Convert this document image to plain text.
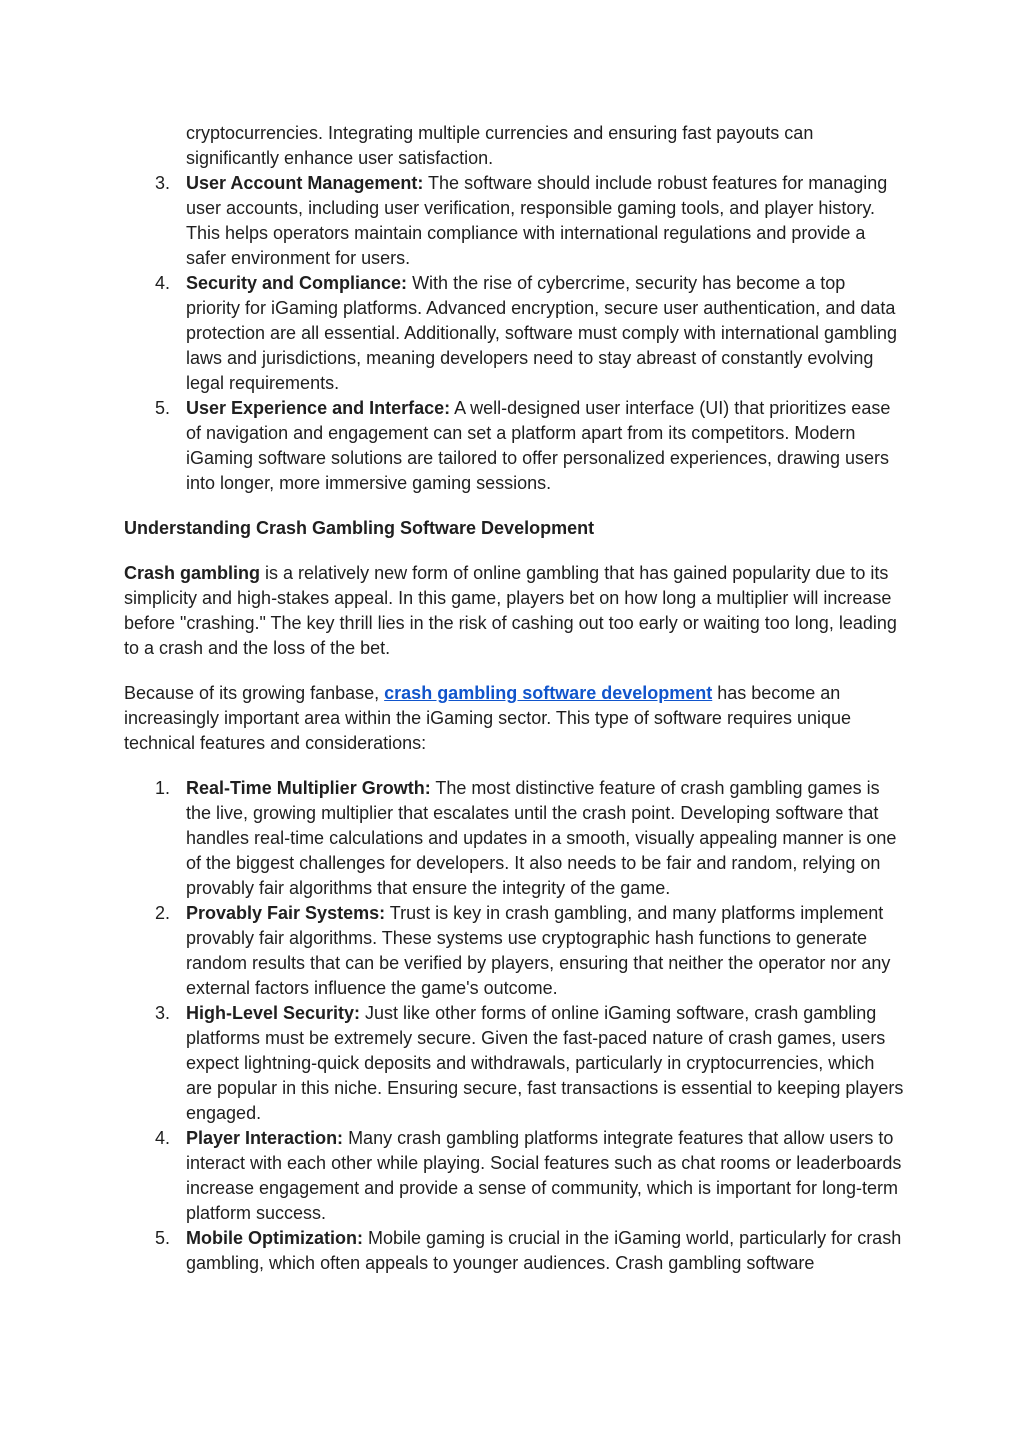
cryptocurrencies. Integrating multiple currencies and ensuring fast payouts can significantly enhance user satisfaction.

3. User Account Management: The software should include robust features for managing user accounts, including user verification, responsible gaming tools, and player history. This helps operators maintain compliance with international regulations and provide a safer environment for users.

4. Security and Compliance: With the rise of cybercrime, security has become a top priority for iGaming platforms. Advanced encryption, secure user authentication, and data protection are all essential. Additionally, software must comply with international gambling laws and jurisdictions, meaning developers need to stay abreast of constantly evolving legal requirements.

5. User Experience and Interface: A well-designed user interface (UI) that prioritizes ease of navigation and engagement can set a platform apart from its competitors. Modern iGaming software solutions are tailored to offer personalized experiences, drawing users into longer, more immersive gaming sessions.

Understanding Crash Gambling Software Development

Crash gambling is a relatively new form of online gambling that has gained popularity due to its simplicity and high-stakes appeal. In this game, players bet on how long a multiplier will increase before "crashing." The key thrill lies in the risk of cashing out too early or waiting too long, leading to a crash and the loss of the bet.

Because of its growing fanbase, crash gambling software development has become an increasingly important area within the iGaming sector. This type of software requires unique technical features and considerations:

1. Real-Time Multiplier Growth: The most distinctive feature of crash gambling games is the live, growing multiplier that escalates until the crash point. Developing software that handles real-time calculations and updates in a smooth, visually appealing manner is one of the biggest challenges for developers. It also needs to be fair and random, relying on provably fair algorithms that ensure the integrity of the game.

2. Provably Fair Systems: Trust is key in crash gambling, and many platforms implement provably fair algorithms. These systems use cryptographic hash functions to generate random results that can be verified by players, ensuring that neither the operator nor any external factors influence the game's outcome.

3. High-Level Security: Just like other forms of online iGaming software, crash gambling platforms must be extremely secure. Given the fast-paced nature of crash games, users expect lightning-quick deposits and withdrawals, particularly in cryptocurrencies, which are popular in this niche. Ensuring secure, fast transactions is essential to keeping players engaged.

4. Player Interaction: Many crash gambling platforms integrate features that allow users to interact with each other while playing. Social features such as chat rooms or leaderboards increase engagement and provide a sense of community, which is important for long-term platform success.

5. Mobile Optimization: Mobile gaming is crucial in the iGaming world, particularly for crash gambling, which often appeals to younger audiences. Crash gambling software
